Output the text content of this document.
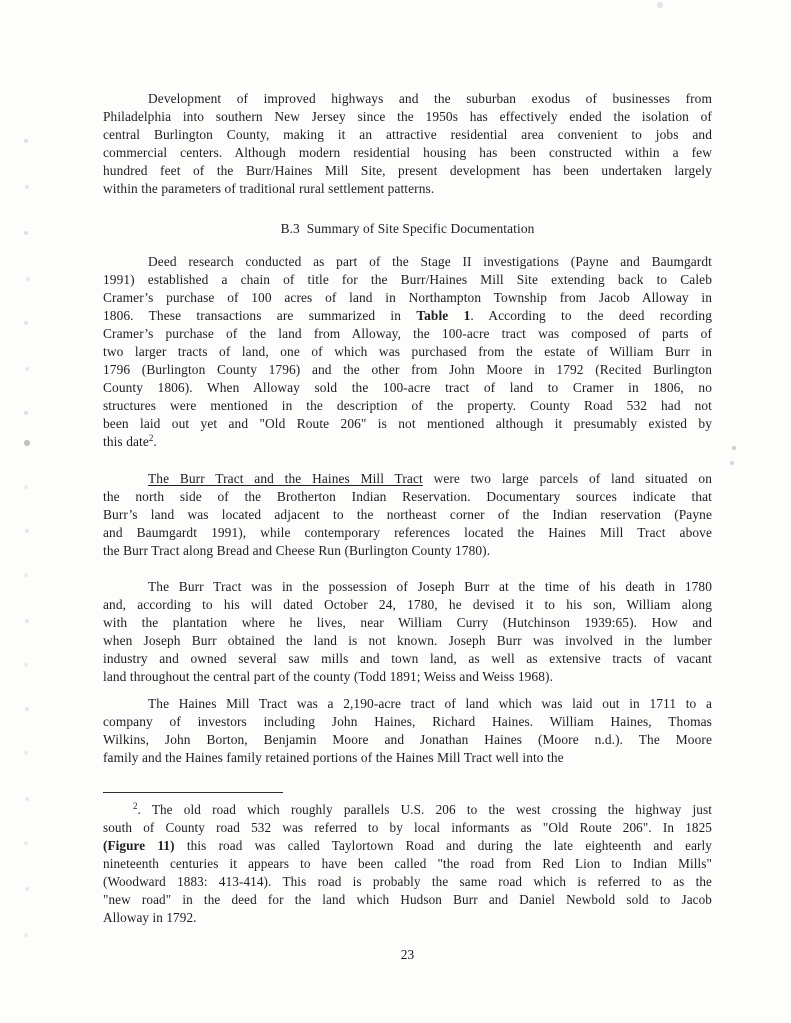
Development of improved highways and the suburban exodus of businesses from
Philadelphia into southern New Jersey since the 1950s has effectively ended the isolation of
central Burlington County, making it an attractive residential area convenient to jobs and
commercial centers. Although modern residential housing has been constructed within a few
hundred feet of the Burr/Haines Mill Site, present development has been undertaken largely
within the parameters of traditional rural settlement patterns.
B.3  Summary of Site Specific Documentation
Deed research conducted as part of the Stage II investigations (Payne and Baumgardt
1991) established a chain of title for the Burr/Haines Mill Site extending back to Caleb
Cramer’s purchase of 100 acres of land in Northampton Township from Jacob Alloway in
1806. These transactions are summarized in Table 1. According to the deed recording
Cramer’s purchase of the land from Alloway, the 100-acre tract was composed of parts of
two larger tracts of land, one of which was purchased from the estate of William Burr in
1796 (Burlington County 1796) and the other from John Moore in 1792 (Recited Burlington
County 1806). When Alloway sold the 100-acre tract of land to Cramer in 1806, no
structures were mentioned in the description of the property. County Road 532 had not
been laid out yet and "Old Route 206" is not mentioned although it presumably existed by
this date$^2$.
The Burr Tract and the Haines Mill Tract were two large parcels of land situated on
the north side of the Brotherton Indian Reservation. Documentary sources indicate that
Burr’s land was located adjacent to the northeast corner of the Indian reservation (Payne
and Baumgardt 1991), while contemporary references located the Haines Mill Tract above
the Burr Tract along Bread and Cheese Run (Burlington County 1780).
The Burr Tract was in the possession of Joseph Burr at the time of his death in 1780
and, according to his will dated October 24, 1780, he devised it to his son, William along
with the plantation where he lives, near William Curry (Hutchinson 1939:65). How and
when Joseph Burr obtained the land is not known. Joseph Burr was involved in the lumber
industry and owned several saw mills and town land, as well as extensive tracts of vacant
land throughout the central part of the county (Todd 1891; Weiss and Weiss 1968).
The Haines Mill Tract was a 2,190-acre tract of land which was laid out in 1711 to a
company of investors including John Haines, Richard Haines. William Haines, Thomas
Wilkins, John Borton, Benjamin Moore and Jonathan Haines (Moore n.d.). The Moore
family and the Haines family retained portions of the Haines Mill Tract well into the
$^2$. The old road which roughly parallels U.S. 206 to the west crossing the highway just
south of County road 532 was referred to by local informants as "Old Route 206". In 1825
(Figure 11) this road was called Taylortown Road and during the late eighteenth and early
nineteenth centuries it appears to have been called "the road from Red Lion to Indian Mills"
(Woodward 1883: 413-414). This road is probably the same road which is referred to as the
"new road" in the deed for the land which Hudson Burr and Daniel Newbold sold to Jacob
Alloway in 1792.
23
